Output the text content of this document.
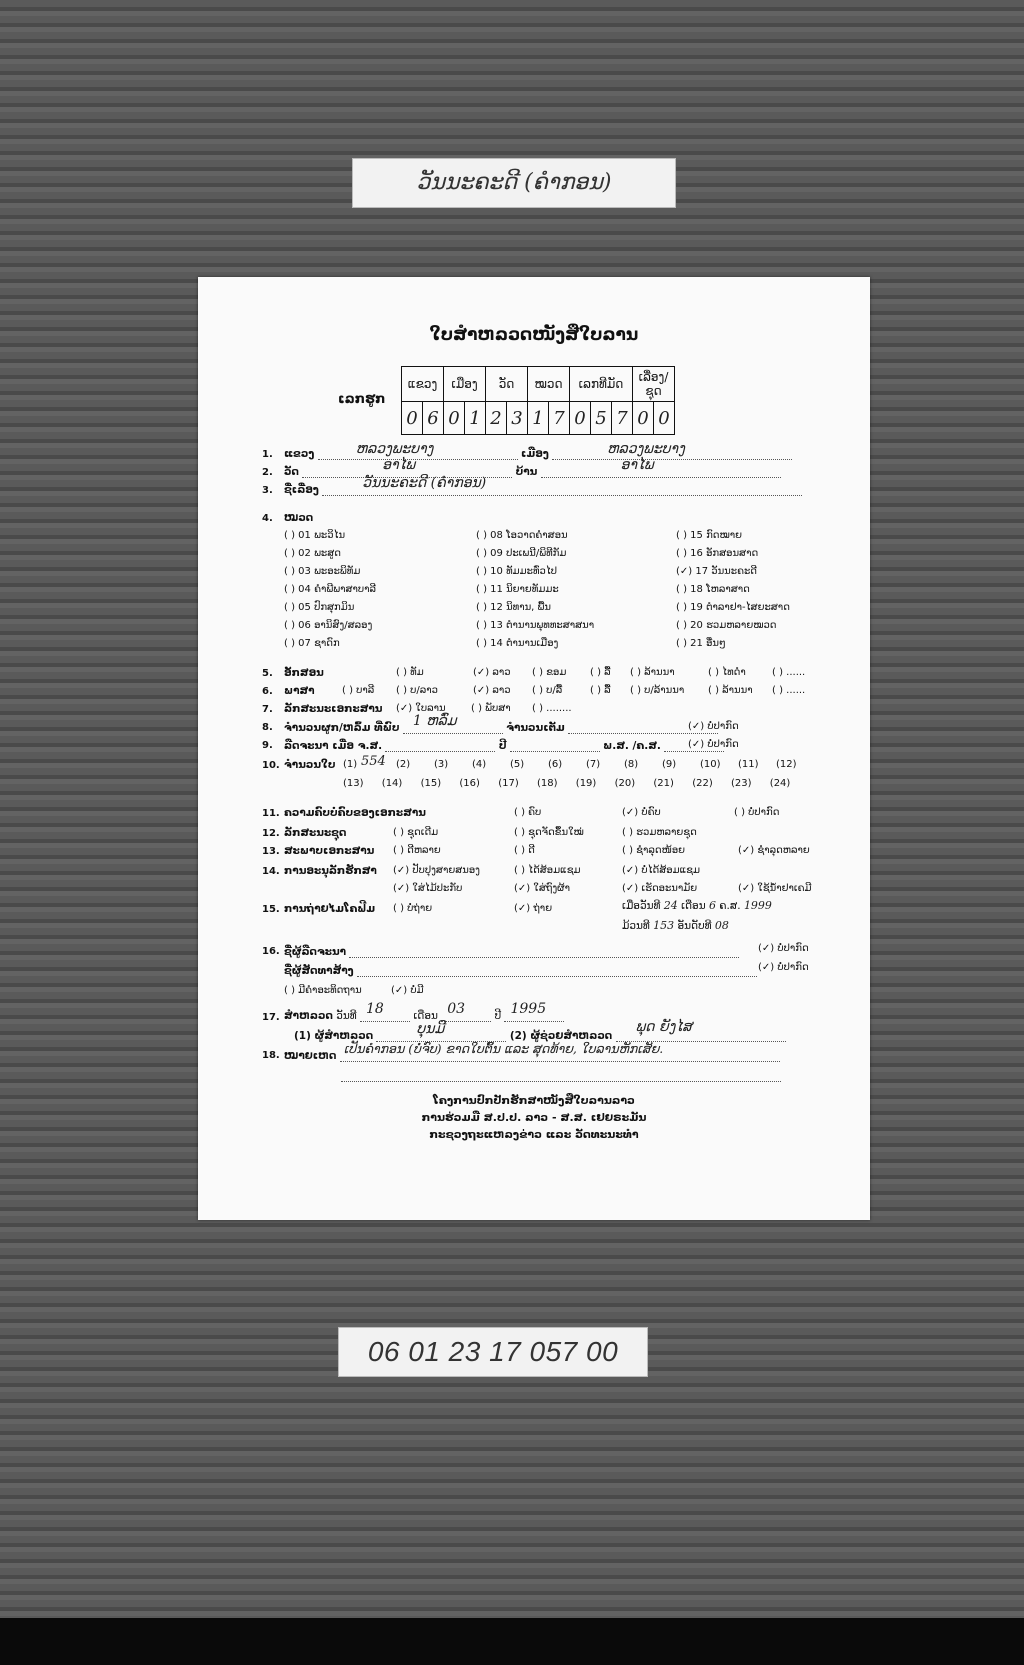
ວັນນະຄະດີ (ຄຳກອນ)
ໃບສຳຫລວດໜັງສືໃບລານ
ເລກຮູກ
ແຂວງ		ເມືອງ		ວັດ		ໝວດ		ເລກທີມັດ			ເລື່ອງ/ຊຸດ	
0	6	0	1	2	3	1	7	0	5	7	0	0
1. ແຂວງ	ຫລວງພະບາງ	ເມືອງ	ຫລວງພະບາງ
2. ວັດ	ອາໄພ	ບ້ານ	ອາໄພ
3. ຊື່ເລື່ອງ	ວັນນະຄະດີ (ຄຳກອນ)
4. ໝວດ
( ) 01 ພະວິໄນ
( ) 02 ພະສູດ
( ) 03 ພະອະພິທັມ
( ) 04 ຄຳພີພາສາບາລີ
( ) 05 ປົກສຸກມິນ
( ) 06 ອານິສົງ/ສລອງ
( ) 07 ຊາດົກ
( ) 08 ໂອວາດຄຳສອນ
( ) 09 ປະເພນີ/ພິທີກັມ
( ) 10 ທັມມະທົ່ວໄປ
( ) 11 ນິຍາຍທັມມະ
( ) 12 ນິທານ, ພື້ນ
( ) 13 ຕຳນານພຸທທະສາສນາ
( ) 14 ຕຳນານເມືອງ
( ) 15 ກົດໝາຍ
( ) 16 ອັກສອນສາດ
(✓) 17 ວັນນະຄະດີ
( ) 18 ໂຫລາສາດ
( ) 19 ຕຳລາຢາ-ໄສຍະສາດ
( ) 20 ຮວມຫລາຍໝວດ
( ) 21 ອື່ນໆ
5. ອັກສອນ	( ) ທັມ	(✓) ລາວ ( ) ຂອມ ( ) ລື້ ( ) ລ້ານນາ	( ) ໄທດຳ	( ) ......
6. ພາສາ	( ) ບາລີ ( ) ບ/ລາວ	(✓) ລາວ ( ) ບ/ລື້	( ) ລື້ ( ) ບ/ລ້ານນາ ( ) ລ້ານນາ ( ) ......
7. ລັກສະນະເອກະສານ (✓) ໃບລານ	( ) ພັບສາ ( ) ........
8. ຈຳນວນຜູກ/ຫລົ້ມ ທີ່ພົບ 1 ຫລົ່ມ	ຈຳນວນເຕັມ	(✓) ບໍ່ປາກົດ
9. ລືດຈະນາ ເມື່ອ ຈ.ສ.	ປີ	ພ.ສ. /ຄ.ສ.	(✓) ບໍ່ປາກົດ
10. ຈຳນວນໃບ (1) 554 (2) (3) (4) (5) (6) (7) (8) (9) (10) (11) (12)
(13) (14) (15) (16) (17) (18) (19) (20) (21) (22) (23) (24)
11. ຄວາມຄົບບໍ່ຄົບຂອງເອກະສານ	( ) ຄົບ	(✓) ບໍ່ຄົບ	( ) ບໍ່ປາກົດ
12. ລັກສະນະຊຸດ	( ) ຊຸດເດີມ	( ) ຊຸດຈັດຂຶ້ນໃໝ່	( ) ຮວມຫລາຍຊຸດ
13. ສະພາບເອກະສານ ( ) ດີຫລາຍ	( ) ດີ	( ) ຊຳລຸດໜ້ອຍ	(✓) ຊຳລຸດຫລາຍ
14. ການອະນຸລັກຮັກສາ (✓) ປັບປຸງສາຍສນອງ	( ) ໄດ້ສ້ອມແຊມ	(✓) ບໍ່ໄດ້ສ້ອມແຊມ
(✓) ໃສ່ໄມ້ປະກັບ	(✓) ໃສ່ຖົງຜ້າ	(✓) ເຮັດອະນາມັຍ	(✓) ໃຊ້ນ້ຳຢາເຄມີ
15. ການຖ່າຍໄມໂຄຟີມ ( ) ບໍ່ຖ່າຍ	(✓) ຖ່າຍ	ເມື່ອວັນທີ 24 ເດືອນ 6 ຄ.ສ. 1999
ມ້ວນທີ 153 ອັນດັບທີ 08
16. ຊື່ຜູ້ລືດຈະນາ	(✓) ບໍ່ປາກົດ
ຊື່ຜູ້ສັດທາສ້າງ	(✓) ບໍ່ປາກົດ
( ) ມີຄຳອະທິດຖານ	(✓) ບໍ່ມີ
17. ສຳຫລວດ ວັນທີ 18	ເດືອນ 03	ປີ 1995
(1) ຜູ້ສຳຫລວດ	ບຸນມີ	(2) ຜູ້ຊ່ວຍສຳຫລວດ
ພຸດ ຍັງໄສ
18. ໝາຍເຫດ ເປັນຄຳກອນ (ບໍ່ຈົບ) ຂາດໃບຕົ້ນ ແລະ ສຸດທ້າຍ, ໃບລານຫັກເສັຍ.
ໂຄງການປົກປັກຮັກສາໜັງສືໃບລານລາວ
ການຮ່ວມມື ສ.ປ.ປ. ລາວ - ສ.ສ. ເຢຍຣະມັນ
ກະຊວງຖະແຫລງຂ່າວ ແລະ ວັດທະນະທຳ
06 01 23 17 057 00
